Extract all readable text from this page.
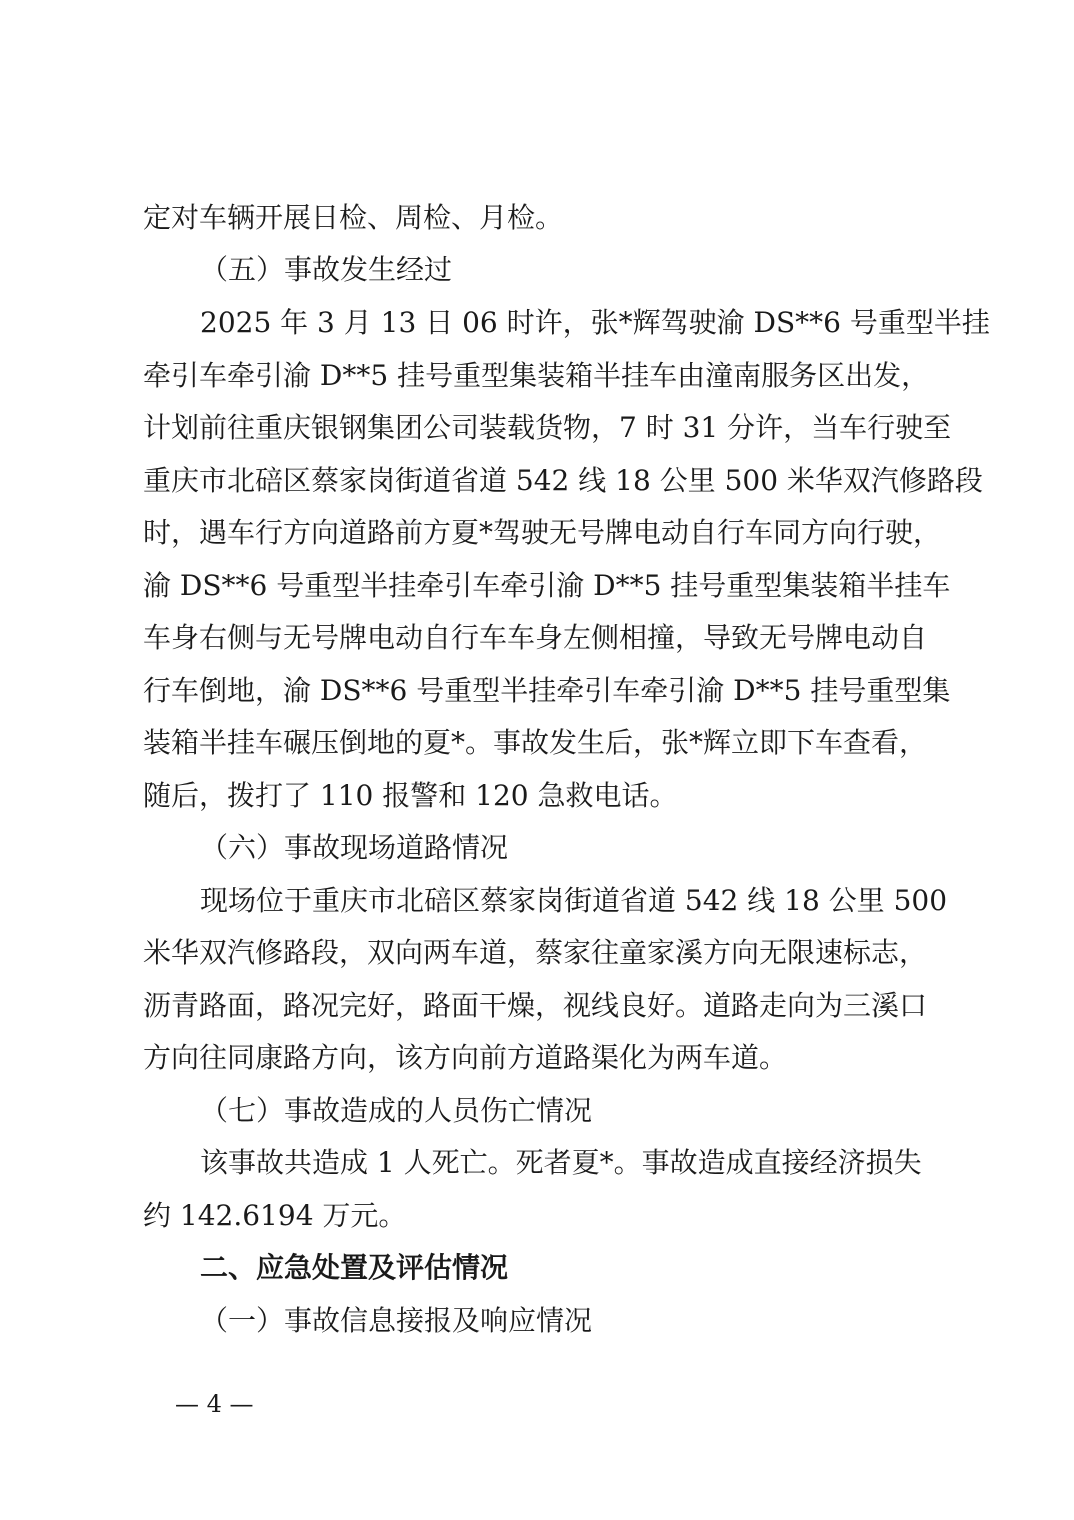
定对车辆开展日检、周检、月检。
（五）事故发生经过
2025 年 3 月 13 日 06 时许，张*辉驾驶渝 DS**6 号重型半挂
牵引车牵引渝 D**5 挂号重型集装箱半挂车由潼南服务区出发，
计划前往重庆银钢集团公司装载货物，7 时 31 分许，当车行驶至
重庆市北碚区蔡家岗街道省道 542 线 18 公里 500 米华双汽修路段
时，遇车行方向道路前方夏*驾驶无号牌电动自行车同方向行驶，
渝 DS**6 号重型半挂牵引车牵引渝 D**5 挂号重型集装箱半挂车
车身右侧与无号牌电动自行车车身左侧相撞，导致无号牌电动自
行车倒地，渝 DS**6 号重型半挂牵引车牵引渝 D**5 挂号重型集
装箱半挂车碾压倒地的夏*。事故发生后，张*辉立即下车查看，
随后，拨打了 110 报警和 120 急救电话。
（六）事故现场道路情况
现场位于重庆市北碚区蔡家岗街道省道 542 线 18 公里 500
米华双汽修路段，双向两车道，蔡家往童家溪方向无限速标志，
沥青路面，路况完好，路面干燥，视线良好。道路走向为三溪口
方向往同康路方向，该方向前方道路渠化为两车道。
（七）事故造成的人员伤亡情况
该事故共造成 1 人死亡。死者夏*。事故造成直接经济损失
约 142.6194 万元。
二、应急处置及评估情况
（一）事故信息接报及响应情况
— 4 —
